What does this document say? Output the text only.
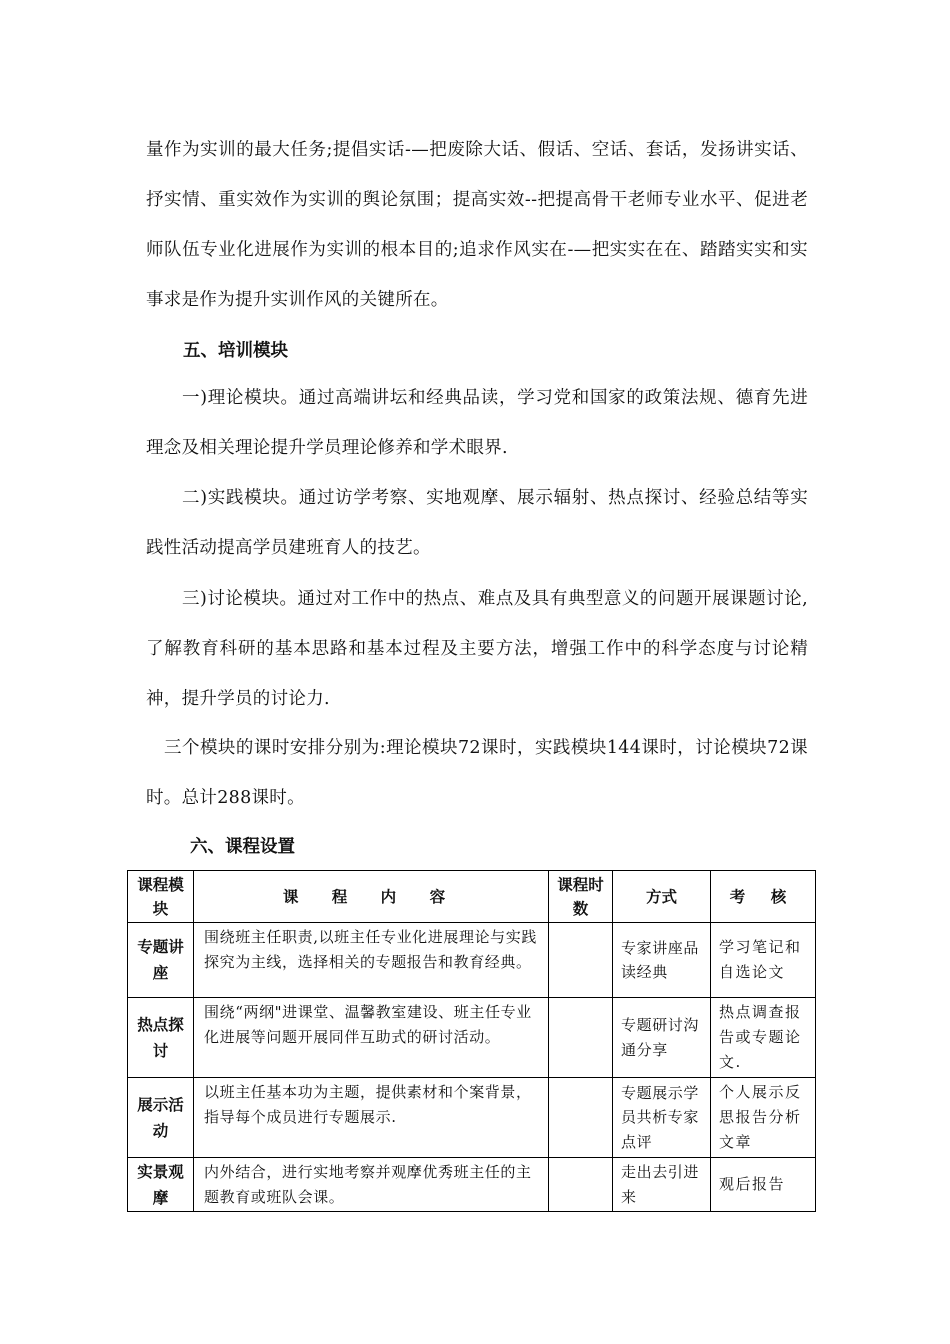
量作为实训的最大任务;提倡实话-—把废除大话、假话、空话、套话，发扬讲实话、抒实情、重实效作为实训的舆论氛围；提高实效--把提高骨干老师专业水平、促进老师队伍专业化进展作为实训的根本目的;追求作风实在-—把实实在在、踏踏实实和实事求是作为提升实训作风的关键所在。

五、培训模块

一)理论模块。通过高端讲坛和经典品读，学习党和国家的政策法规、德育先进理念及相关理论提升学员理论修养和学术眼界.

二)实践模块。通过访学考察、实地观摩、展示辐射、热点探讨、经验总结等实践性活动提高学员建班育人的技艺。

三)讨论模块。通过对工作中的热点、难点及具有典型意义的问题开展课题讨论,了解教育科研的基本思路和基本过程及主要方法，增强工作中的科学态度与讨论精神，提升学员的讨论力.

三个模块的课时安排分别为:理论模块72课时，实践模块144课时，讨论模块72课时。总计288课时。

六、课程设置
课程模块	课 程 内 容	课程时数	方式	考 核
专题讲座	围绕班主任职责,以班主任专业化进展理论与实践探究为主线，选择相关的专题报告和教育经典。		专家讲座品读经典	学习笔记和自选论文
热点探讨	围绕“两纲"进课堂、温馨教室建设、班主任专业化进展等问题开展同伴互助式的研讨活动。		专题研讨沟通分享	热点调查报告或专题论文.
展示活动	以班主任基本功为主题，提供素材和个案背景，指导每个成员进行专题展示.		专题展示学员共析专家点评	个人展示反思报告分析文章
实景观摩	内外结合，进行实地考察并观摩优秀班主任的主题教育或班队会课。		走出去引进来	观后报告
